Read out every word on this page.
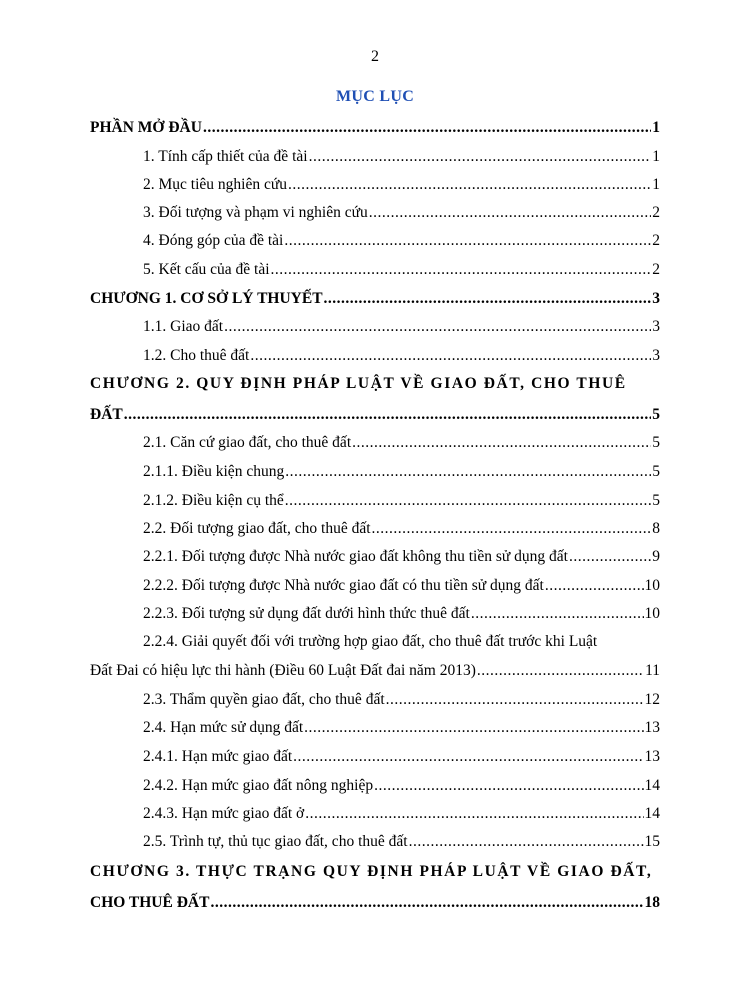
2
MỤC LỤC
PHẦN MỞ ĐẦU .....	1
1. Tính cấp thiết của đề tài .....	1
2. Mục tiêu nghiên cứu .....	1
3. Đối tượng và phạm vi nghiên cứu .....	2
4. Đóng góp của đề tài .....	2
5. Kết cấu của đề tài .....	2
CHƯƠNG 1. CƠ SỞ LÝ THUYẾT .....	3
1.1. Giao đất .....	3
1.2. Cho thuê đất .....	3
CHƯƠNG 2. QUY ĐỊNH PHÁP LUẬT VỀ GIAO ĐẤT, CHO THUÊ
ĐẤT .....	5
2.1. Căn cứ giao đất, cho thuê đất .....	5
2.1.1. Điều kiện chung .....	5
2.1.2. Điều kiện cụ thể .....	5
2.2. Đối tượng giao đất, cho thuê đất .....	8
2.2.1. Đối tượng được Nhà nước giao đất không thu tiền sử dụng đất .....	9
2.2.2. Đối tượng được Nhà nước giao đất có thu tiền sử dụng đất .....	10
2.2.3. Đối tượng sử dụng đất dưới hình thức thuê đất .....	10
2.2.4. Giải quyết đối với trường hợp giao đất, cho thuê đất trước khi Luật
Đất Đai có hiệu lực thi hành (Điều 60 Luật Đất đai năm 2013) .....	11
2.3. Thẩm quyền giao đất, cho thuê đất .....	12
2.4. Hạn mức sử dụng đất .....	13
2.4.1. Hạn mức giao đất .....	13
2.4.2. Hạn mức giao đất nông nghiệp .....	14
2.4.3. Hạn mức giao đất ở .....	14
2.5. Trình tự, thủ tục giao đất, cho thuê đất .....	15
CHƯƠNG 3. THỰC TRẠNG QUY ĐỊNH PHÁP LUẬT VỀ GIAO ĐẤT,
CHO THUÊ ĐẤT .....	18
